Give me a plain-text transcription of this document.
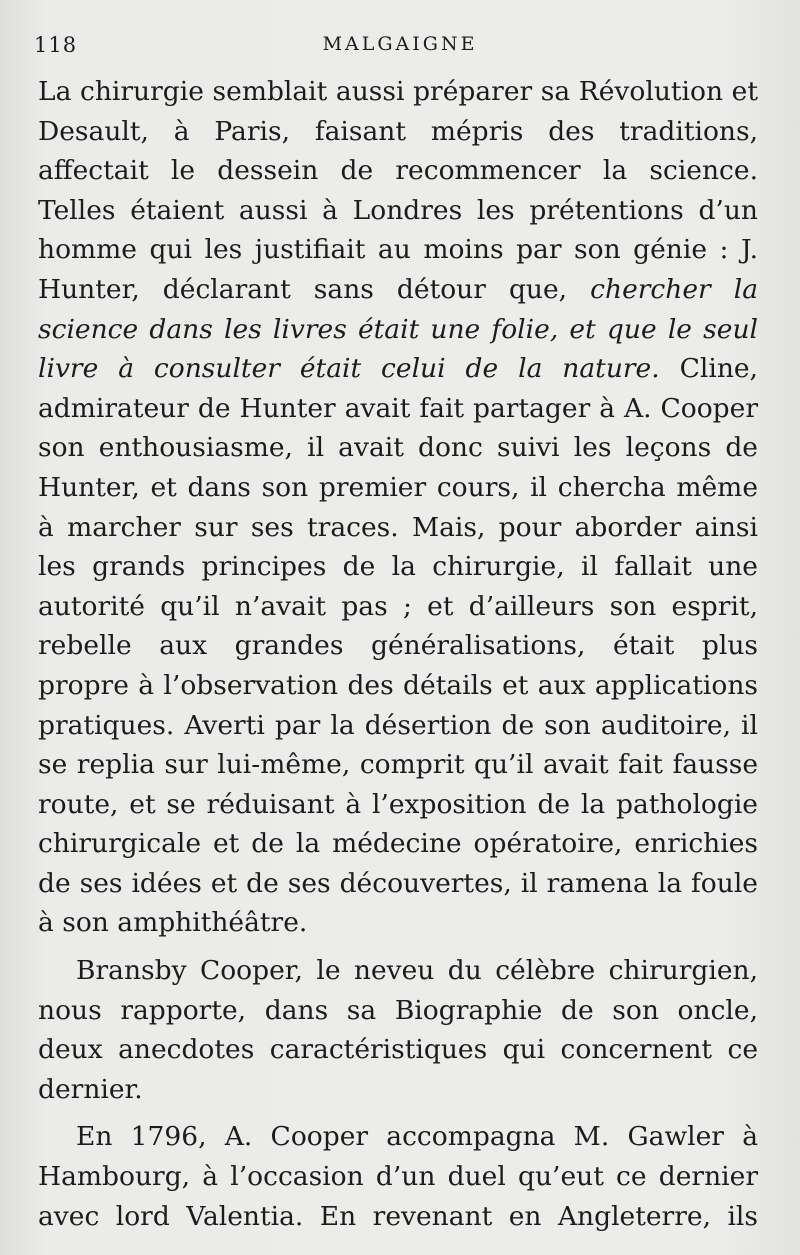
118	MALGAIGNE

La chirurgie semblait aussi préparer sa Révolution et Desault, à Paris, faisant mépris des traditions, affectait le dessein de recommencer la science. Telles étaient aussi à Londres les prétentions d’un homme qui les justifiait au moins par son génie : J. Hunter, déclarant sans détour que, chercher la science dans les livres était une folie, et que le seul livre à consulter était celui de la nature. Cline, admirateur de Hunter avait fait partager à A. Cooper son enthousiasme, il avait donc suivi les leçons de Hunter, et dans son premier cours, il chercha même à marcher sur ses traces. Mais, pour aborder ainsi les grands principes de la chirurgie, il fallait une autorité qu’il n’avait pas ; et d’ailleurs son esprit, rebelle aux grandes généralisations, était plus propre à l’observation des détails et aux applications pratiques. Averti par la désertion de son auditoire, il se replia sur lui-même, comprit qu’il avait fait fausse route, et se réduisant à l’exposition de la pathologie chirurgicale et de la médecine opératoire, enrichies de ses idées et de ses découvertes, il ramena la foule à son amphithéâtre.

Bransby Cooper, le neveu du célèbre chirurgien, nous rapporte, dans sa Biographie de son oncle, deux anecdotes caractéristiques qui concernent ce dernier.

En 1796, A. Cooper accompagna M. Gawler à Hambourg, à l’occasion d’un duel qu’eut ce dernier avec lord Valentia. En revenant en Angleterre, ils
